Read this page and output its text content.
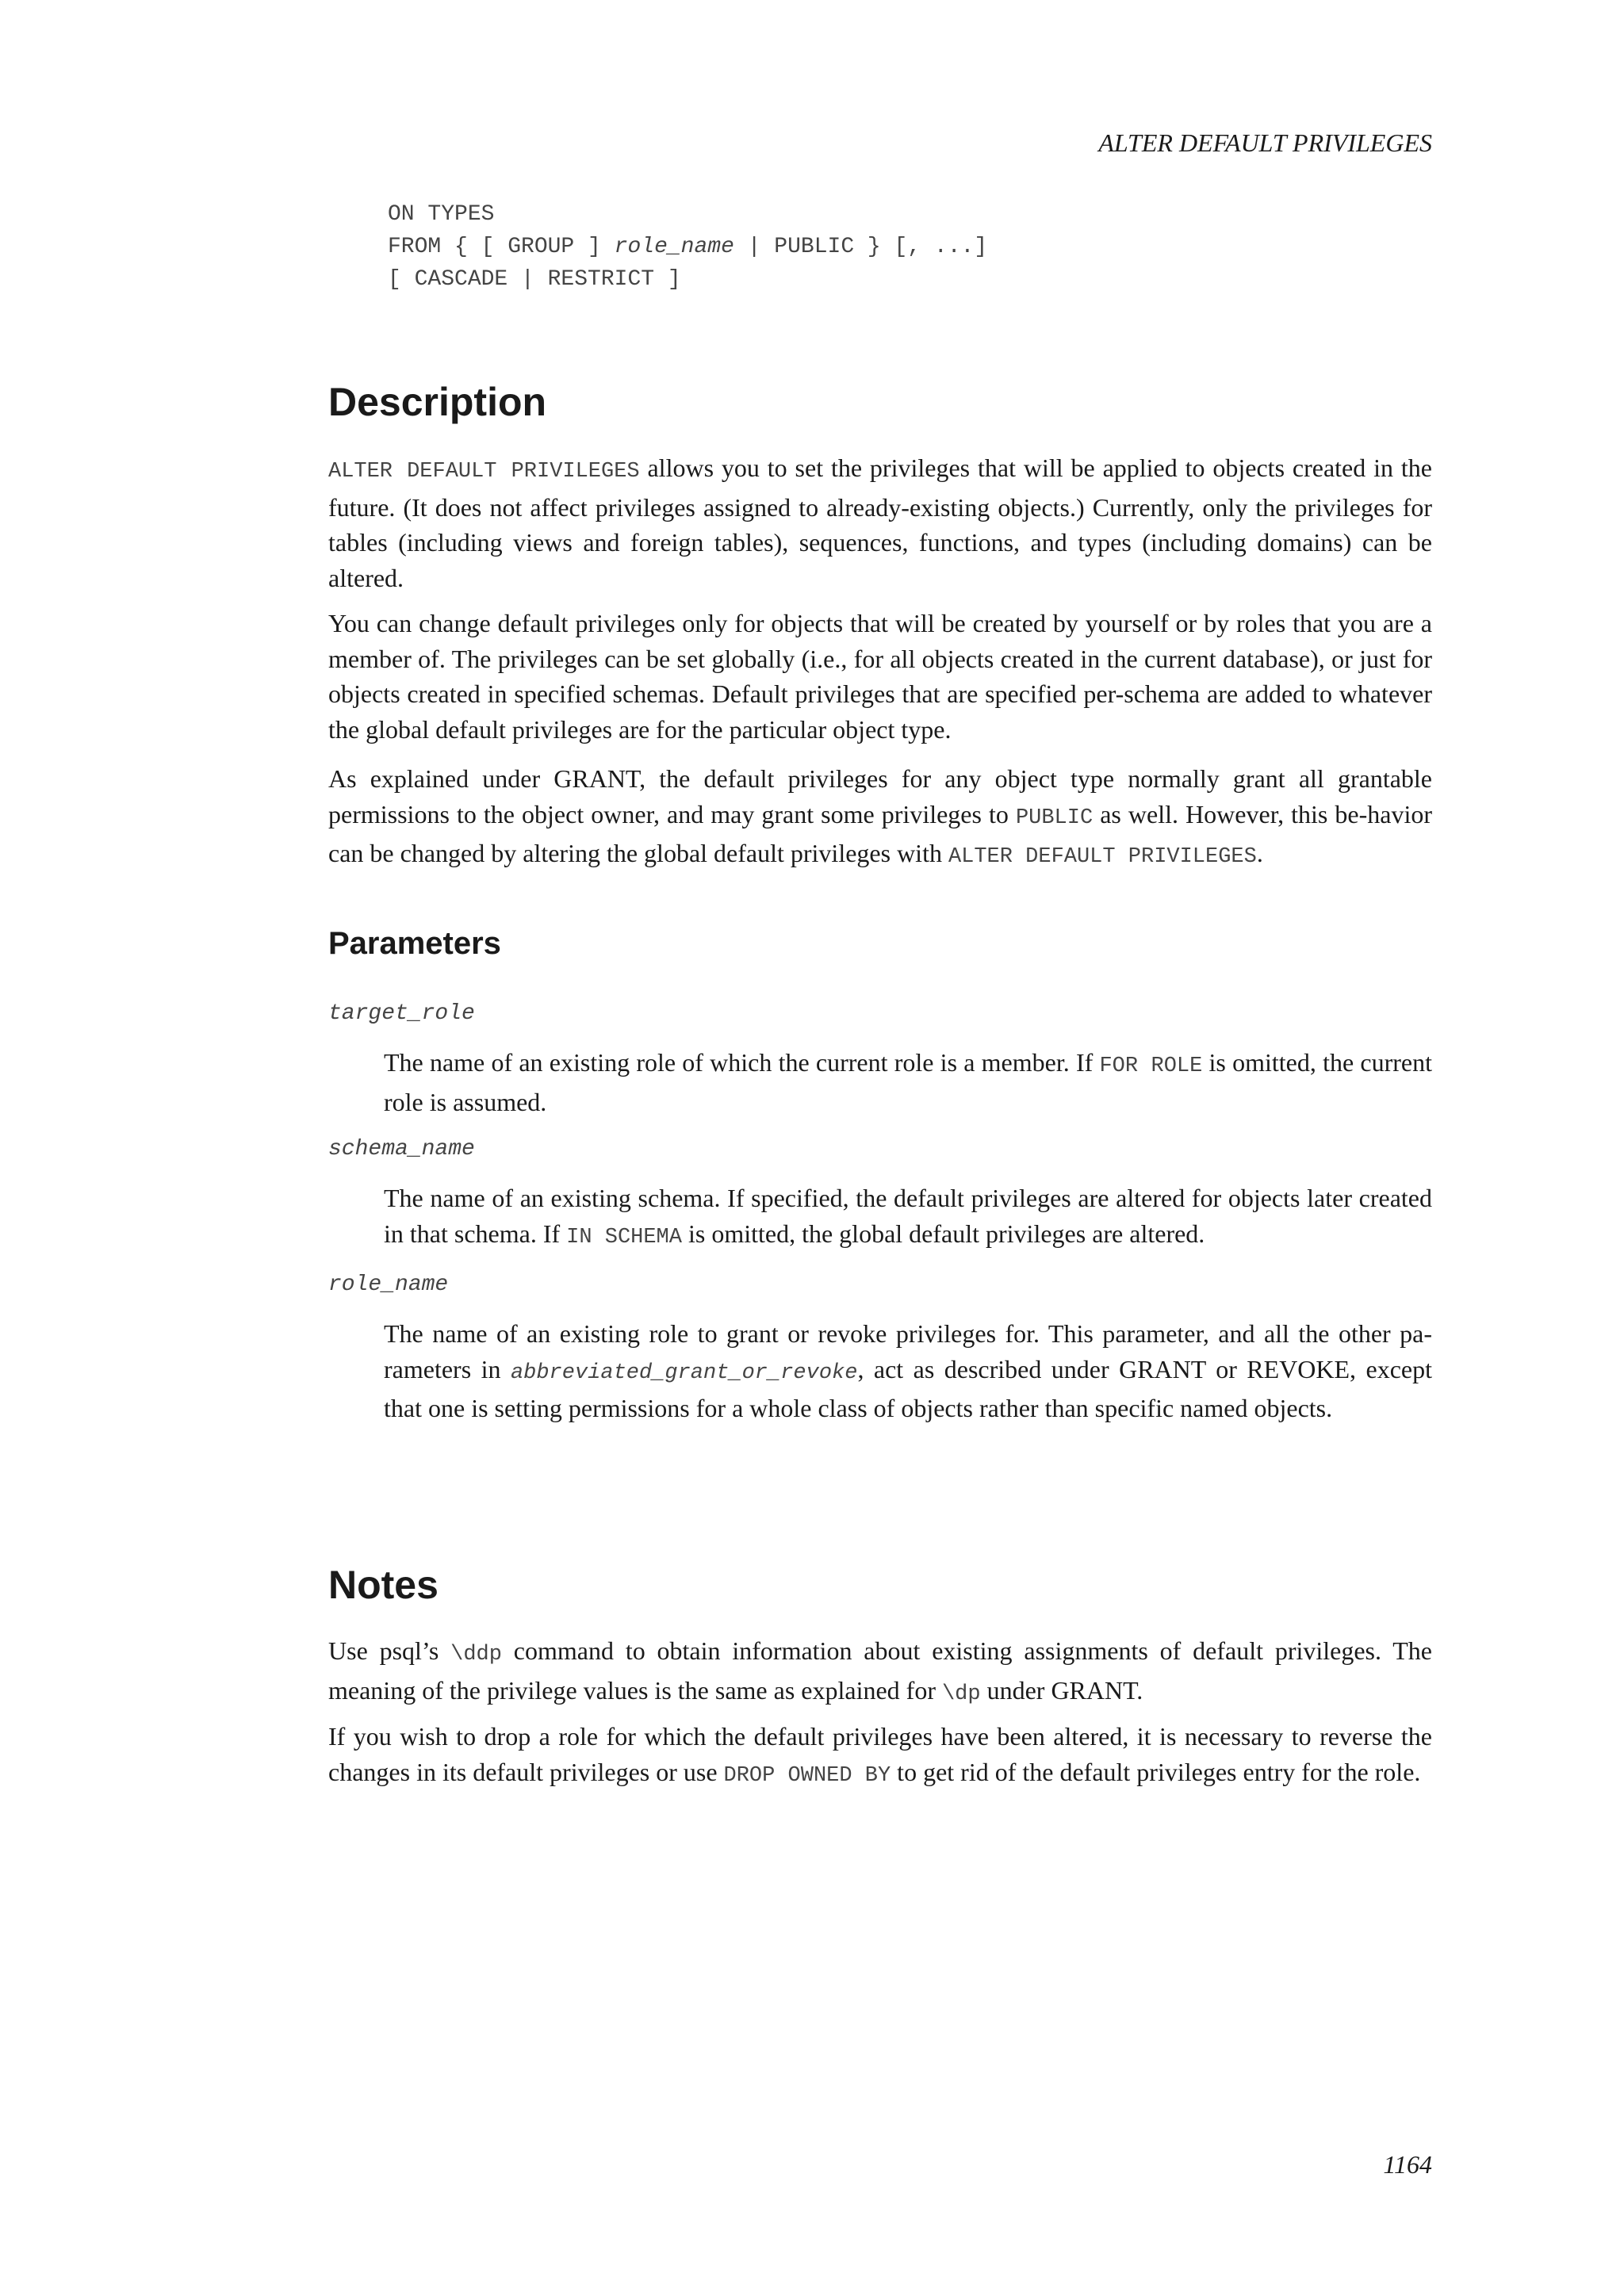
ALTER DEFAULT PRIVILEGES
ON TYPES
FROM { [ GROUP ] role_name | PUBLIC } [, ...]
[ CASCADE | RESTRICT ]
Description

ALTER DEFAULT PRIVILEGES allows you to set the privileges that will be applied to objects created in the future. (It does not affect privileges assigned to already-existing objects.) Currently, only the privileges for tables (including views and foreign tables), sequences, functions, and types (including domains) can be altered.

You can change default privileges only for objects that will be created by yourself or by roles that you are a member of. The privileges can be set globally (i.e., for all objects created in the current database), or just for objects created in specified schemas. Default privileges that are specified per-schema are added to whatever the global default privileges are for the particular object type.

As explained under GRANT, the default privileges for any object type normally grant all grantable permissions to the object owner, and may grant some privileges to PUBLIC as well. However, this be-havior can be changed by altering the global default privileges with ALTER DEFAULT PRIVILEGES.

Parameters
target_role

The name of an existing role of which the current role is a member. If FOR ROLE is omitted, the current role is assumed.

schema_name

The name of an existing schema. If specified, the default privileges are altered for objects later created in that schema. If IN SCHEMA is omitted, the global default privileges are altered.

role_name

The name of an existing role to grant or revoke privileges for. This parameter, and all the other pa-rameters in abbreviated_grant_or_revoke, act as described under GRANT or REVOKE, except that one is setting permissions for a whole class of objects rather than specific named objects.

Notes

Use psql’s \ddp command to obtain information about existing assignments of default privileges. The meaning of the privilege values is the same as explained for \dp under GRANT.

If you wish to drop a role for which the default privileges have been altered, it is necessary to reverse the changes in its default privileges or use DROP OWNED BY to get rid of the default privileges entry for the role.

1164
